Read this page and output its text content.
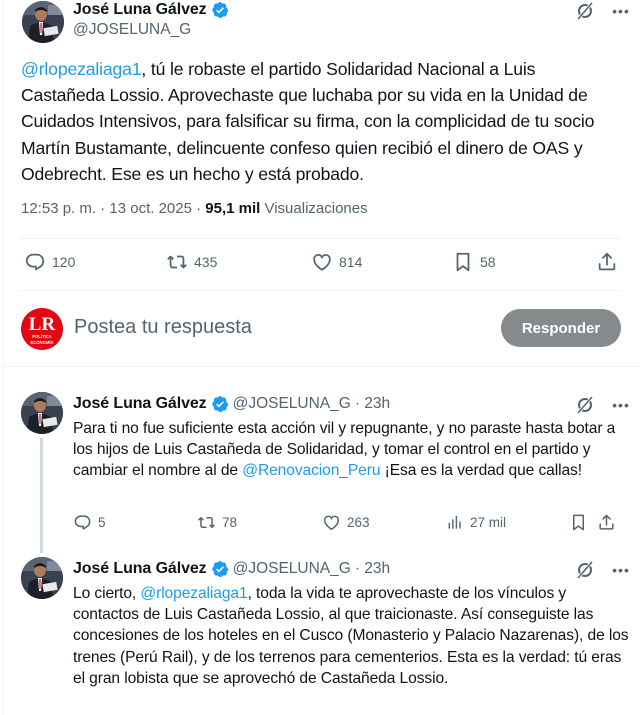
José Luna Gálvez
@JOSELUNA_G
•••
@rlopezaliaga1, tú le robaste el partido Solidaridad Nacional a Luis Castañeda Lossio. Aprovechaste que luchaba por su vida en la Unidad de Cuidados Intensivos, para falsificar su firma, con la complicidad de tu socio Martín Bustamante, delincuente confeso quien recibió el dinero de OAS y Odebrecht. Ese es un hecho y está probado.
12:53 p. m. · 13 oct. 2025 · 95,1 mil Visualizaciones
120	435	814	58
LR
POLÍTICA
ECONOMÍA
Postea tu respuesta	Responder
José Luna Gálvez @JOSELUNA_G · 23h	•••
Para ti no fue suficiente esta acción vil y repugnante, y no paraste hasta botar a los hijos de Luis Castañeda de Solidaridad, y tomar el control en el partido y cambiar el nombre al de @Renovacion_Peru ¡Esa es la verdad que callas!
5	78	263	27 mil
José Luna Gálvez @JOSELUNA_G · 23h	•••
Lo cierto, @rlopezaliaga1, toda la vida te aprovechaste de los vínculos y contactos de Luis Castañeda Lossio, al que traicionaste. Así conseguiste las concesiones de los hoteles en el Cusco (Monasterio y Palacio Nazarenas), de los trenes (Perú Rail), y de los terrenos para cementerios. Esta es la verdad: tú eras el gran lobista que se aprovechó de Castañeda Lossio.
